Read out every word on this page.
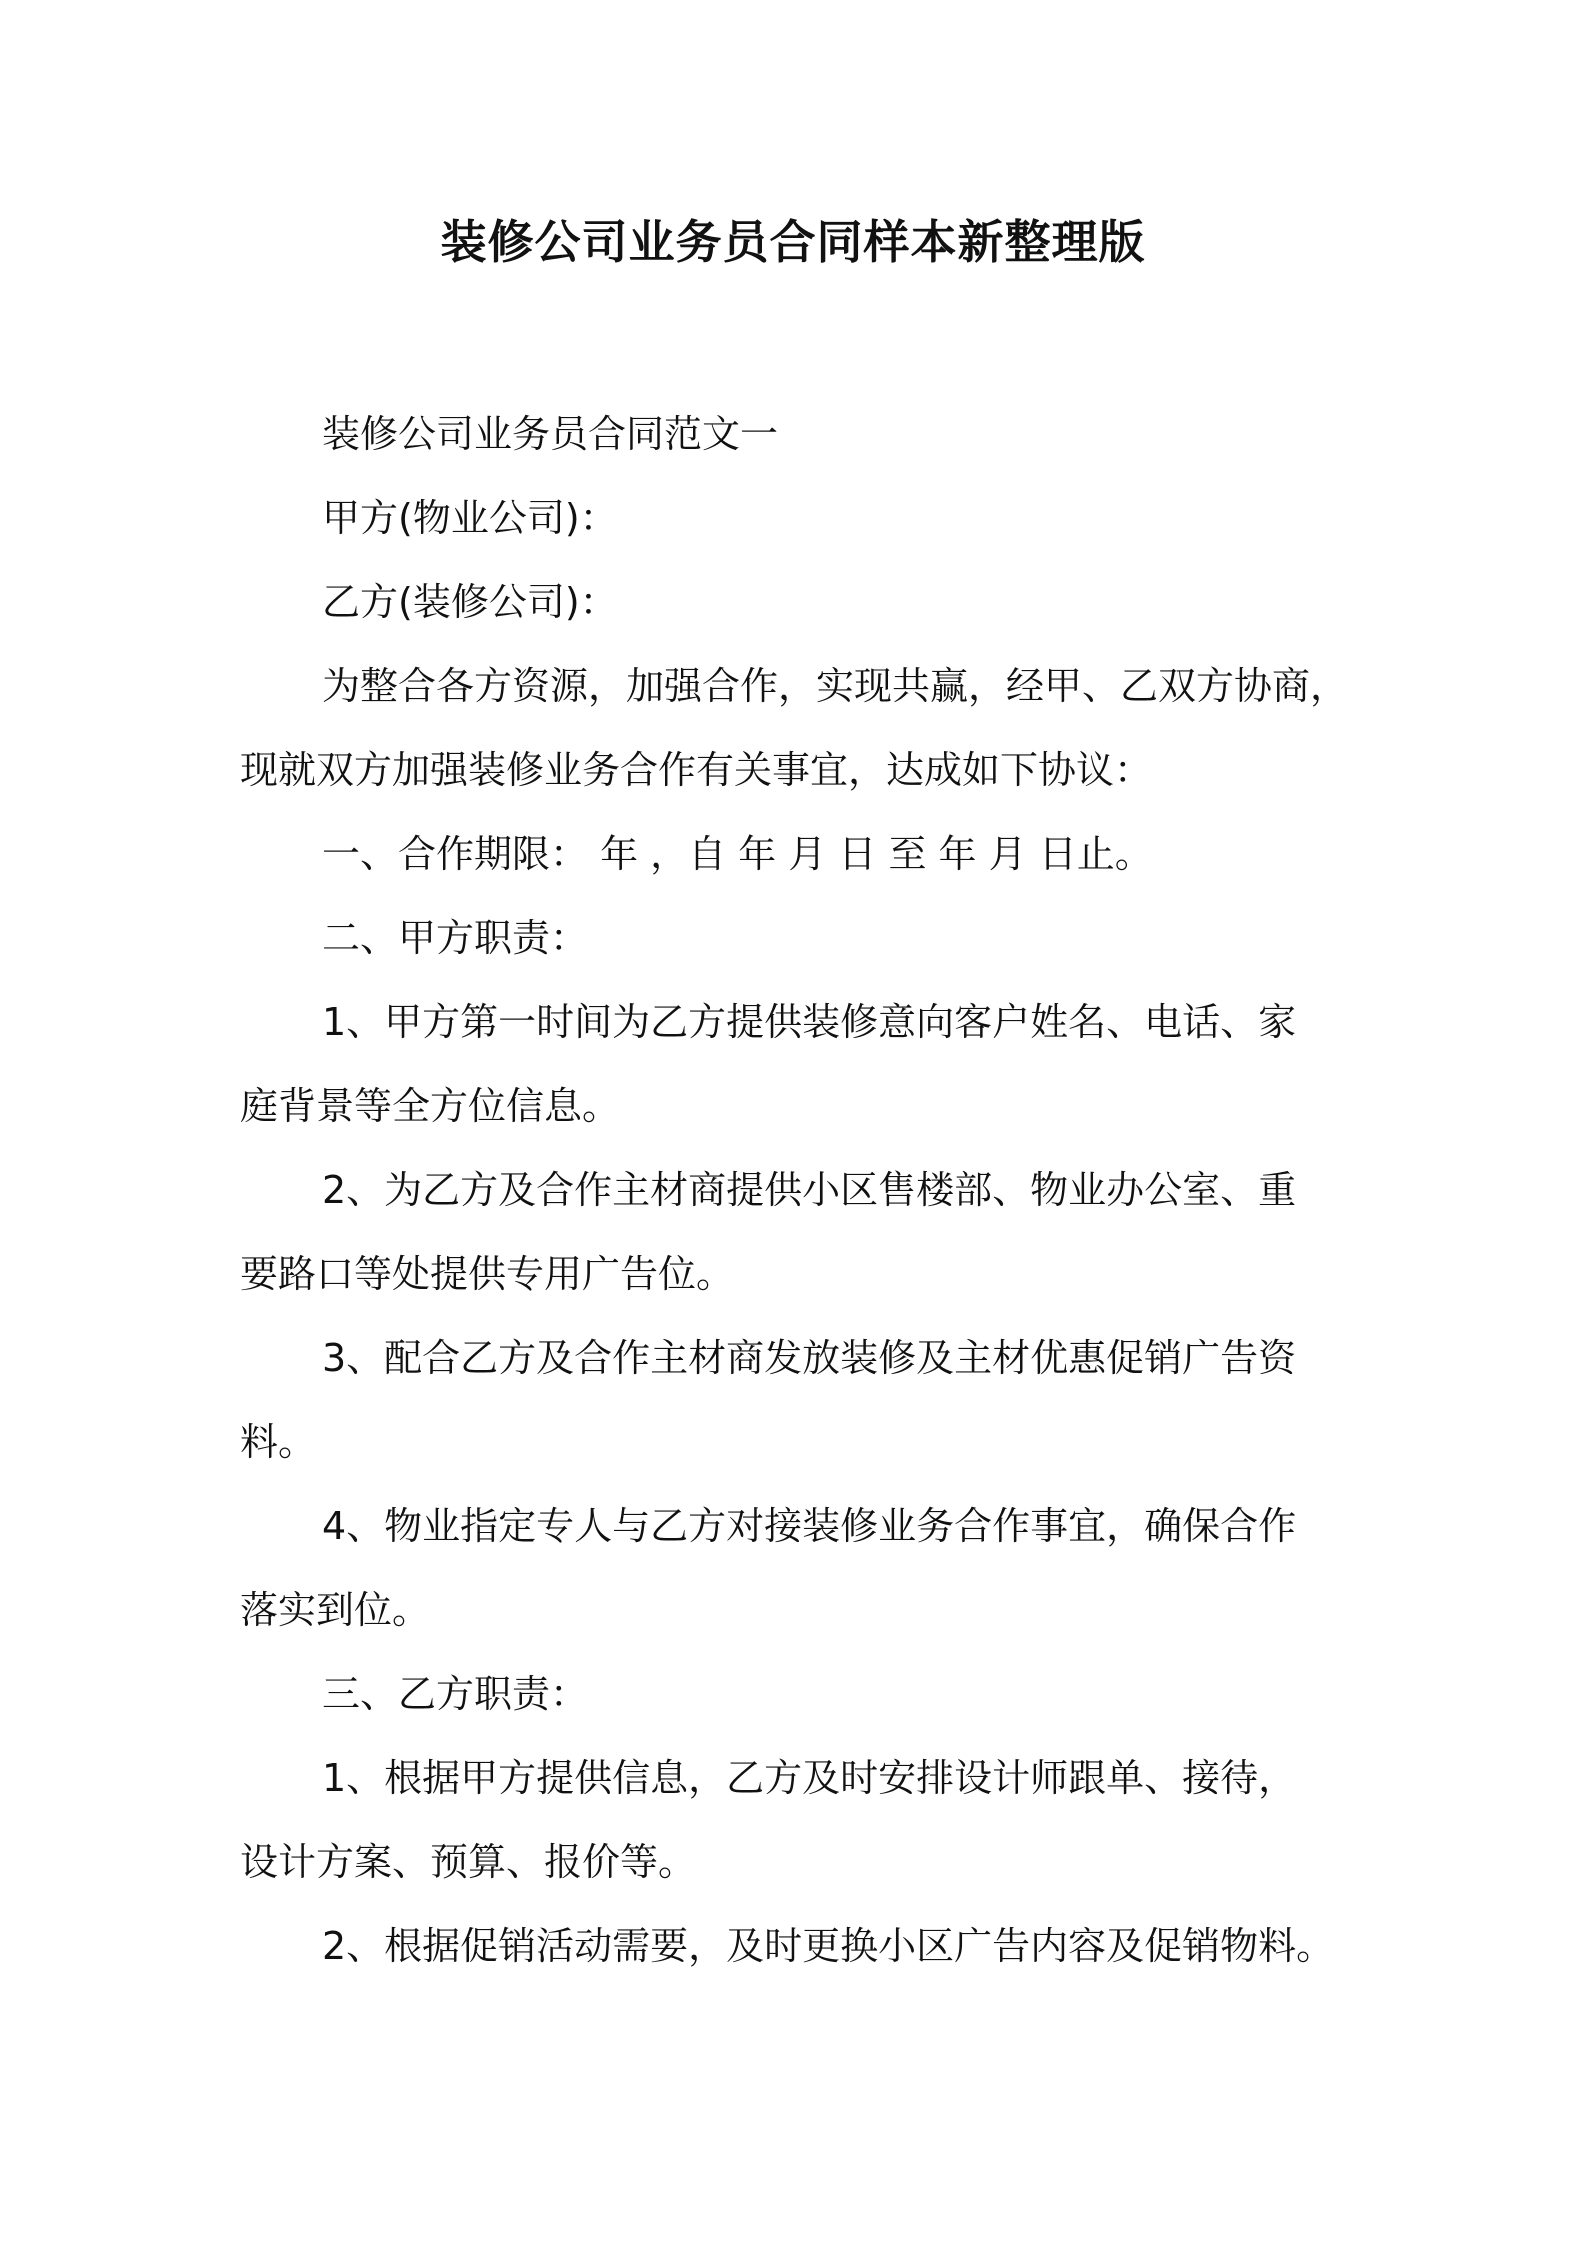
装修公司业务员合同样本新整理版
装修公司业务员合同范文一
甲方(物业公司)：
乙方(装修公司)：
为整合各方资源，加强合作，实现共赢，经甲、乙双方协商，
现就双方加强装修业务合作有关事宜，达成如下协议：
一、合作期限： 年 ，自 年 月 日 至 年 月 日止。
二、甲方职责：
1、甲方第一时间为乙方提供装修意向客户姓名、电话、家
庭背景等全方位信息。
2、为乙方及合作主材商提供小区售楼部、物业办公室、重
要路口等处提供专用广告位。
3、配合乙方及合作主材商发放装修及主材优惠促销广告资
料。
4、物业指定专人与乙方对接装修业务合作事宜，确保合作
落实到位。
三、乙方职责：
1、根据甲方提供信息，乙方及时安排设计师跟单、接待，
设计方案、预算、报价等。
2、根据促销活动需要，及时更换小区广告内容及促销物料。
